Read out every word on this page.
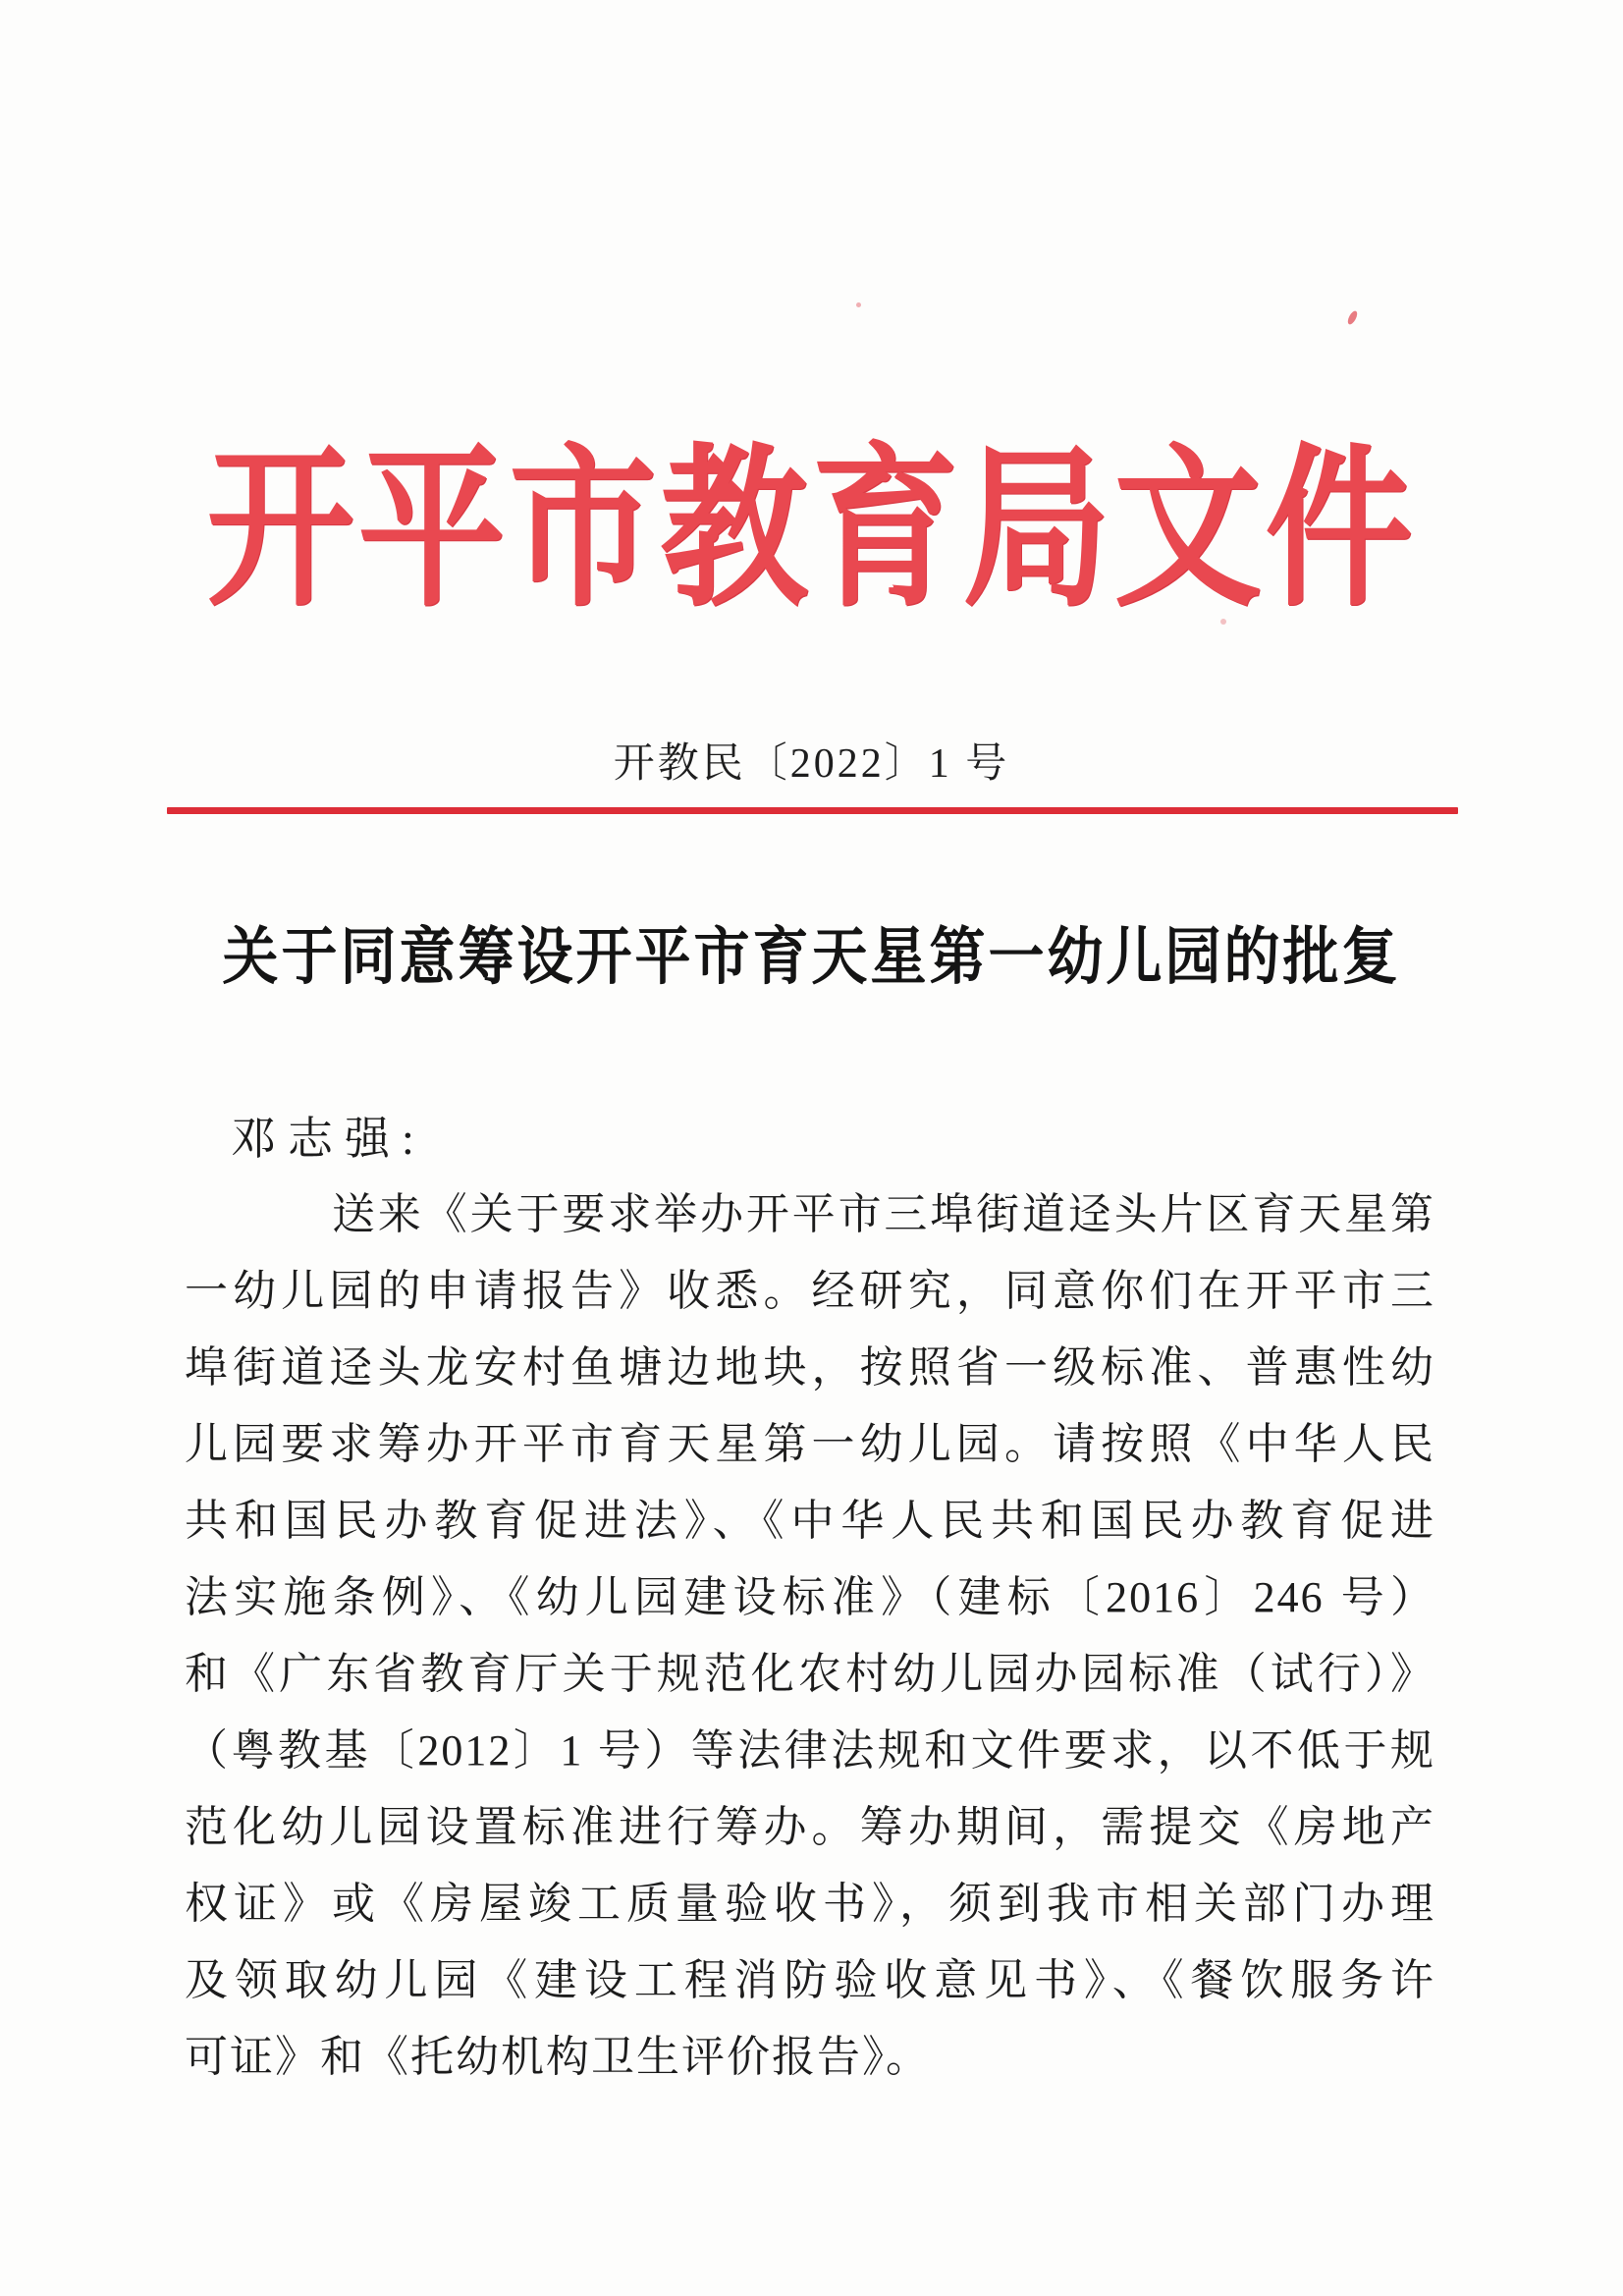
开平市教育局文件
开教民〔2022〕1 号
关于同意筹设开平市育天星第一幼儿园的批复
邓志强:
送来《关于要求举办开平市三埠街道迳头片区育天星第
一幼儿园的申请报告》收悉。经研究，同意你们在开平市三
埠街道迳头龙安村鱼塘边地块，按照省一级标准、普惠性幼
儿园要求筹办开平市育天星第一幼儿园。请按照《中华人民
共和国民办教育促进法》、《中华人民共和国民办教育促进
法实施条例》、《幼儿园建设标准》（建标〔2016〕246 号）
和《广东省教育厅关于规范化农村幼儿园办园标准（试行）》
（粤教基〔2012〕1 号）等法律法规和文件要求，以不低于规
范化幼儿园设置标准进行筹办。筹办期间，需提交《房地产
权证》或《房屋竣工质量验收书》，须到我市相关部门办理
及领取幼儿园《建设工程消防验收意见书》、《餐饮服务许
可证》和《托幼机构卫生评价报告》。
